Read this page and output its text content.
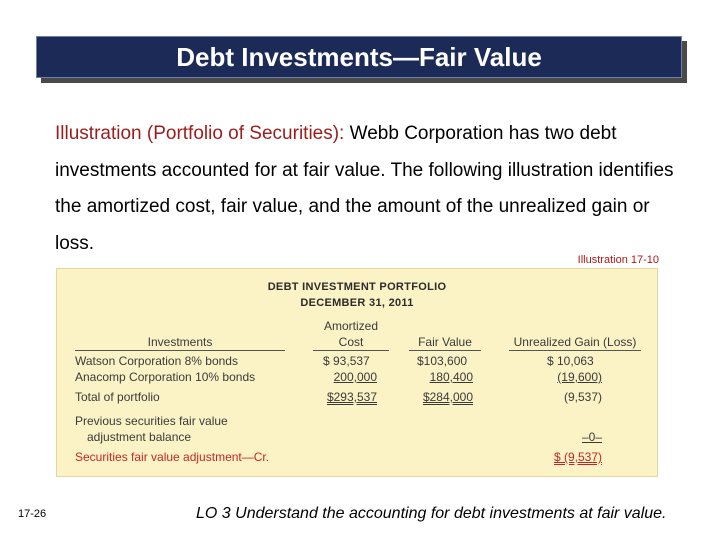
Debt Investments—Fair Value

Illustration (Portfolio of Securities): Webb Corporation has two debt investments accounted for at fair value. The following illustration identifies the amortized cost, fair value, and the amount of the unrealized gain or loss.

Illustration 17-10
DEBT INVESTMENT PORTFOLIO
DECEMBER 31, 2011
Amortized
Investments	Cost	Fair Value	Unrealized Gain (Loss)
Watson Corporation 8% bonds	$ 93,537	$103,600	$ 10,063
Anacomp Corporation 10% bonds	200,000	180,400	(19,600)
Total of portfolio	$293,537	$284,000	(9,537)
Previous securities fair value
adjustment balance	–0–
Securities fair value adjustment—Cr.	$ (9,537)
17-26	LO 3 Understand the accounting for debt investments at fair value.
